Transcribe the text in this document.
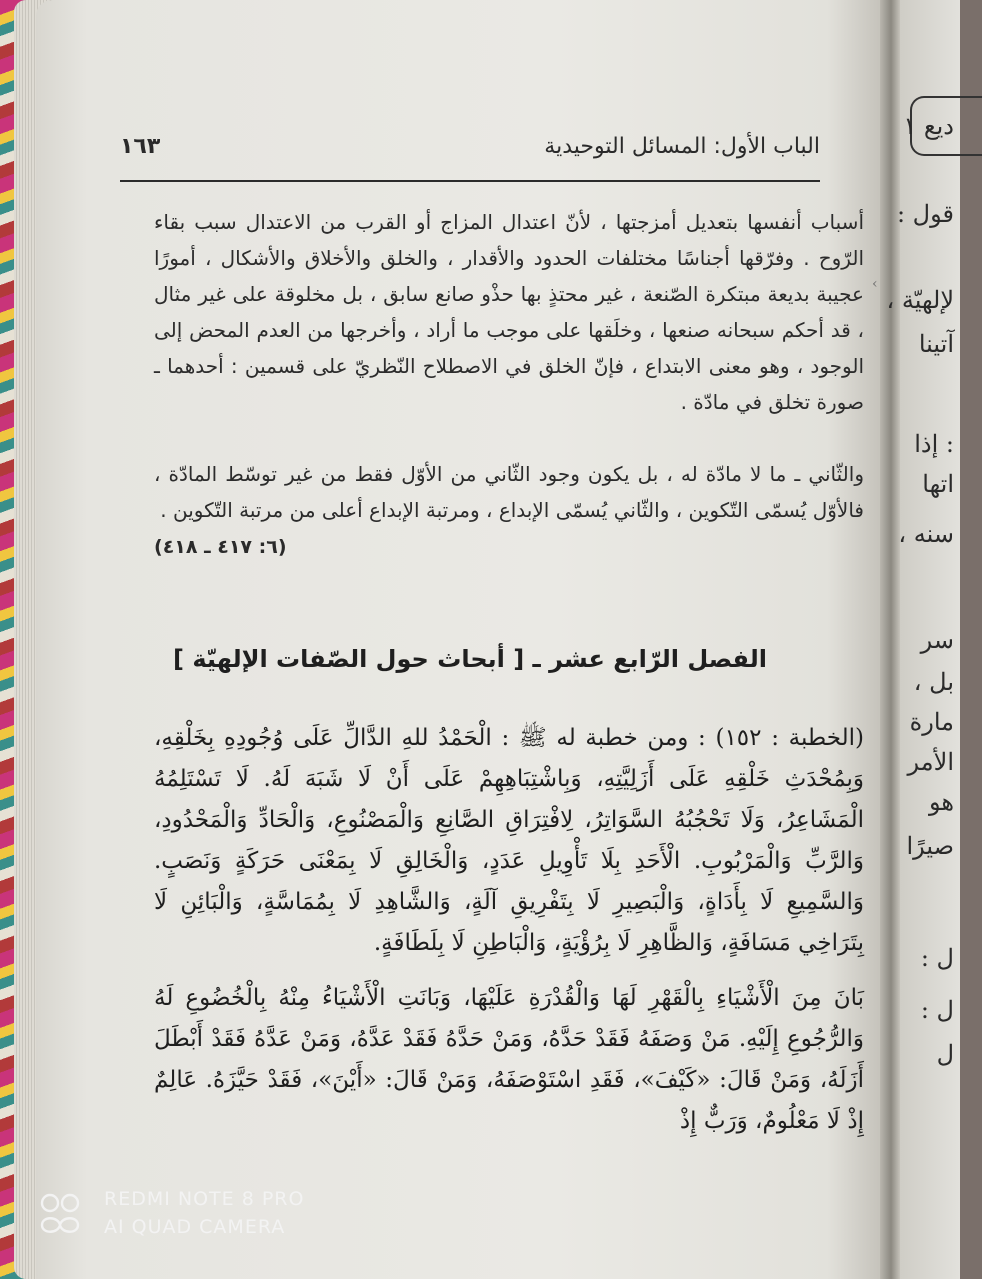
الباب الأول: المسائل التوحيدية
١٦٣

أسباب أنفسها بتعديل أمزجتها ، لأنّ اعتدال المزاج أو القرب من الاعتدال سبب بقاء الرّوح . وفرّقها أجناسًا مختلفات الحدود والأقدار ، والخلق والأخلاق والأشكال ، أمورًا عجيبة بديعة مبتكرة الصّنعة ، غير محتذٍ بها حذْو صانع سابق ، بل مخلوقة على غير مثال ، قد أحكم سبحانه صنعها ، وخلَقها على موجب ما أراد ، وأخرجها من العدم المحض إلى الوجود ، وهو معنى الابتداع ، فإنّ الخلق في الاصطلاح النّظريّ على قسمين : أحدهما ـ صورة تخلق في مادّة .

والثّاني ـ ما لا مادّة له ، بل يكون وجود الثّاني من الأوّل فقط من غير توسّط المادّة ، فالأوّل يُسمّى التّكوين ، والثّاني يُسمّى الإبداع ، ومرتبة الإبداع أعلى من مرتبة التّكوين .

(٦: ٤١٧ ـ ٤١٨)
الفصل الرّابع عشر ـ [ أبحاث حول الصّفات الإلهيّة ]

(الخطبة : ١٥٢) : ومن خطبة له ﷺ : الْحَمْدُ للهِ الدَّالِّ عَلَى وُجُودِهِ بِخَلْقِهِ، وَبِمُحْدَثِ خَلْقِهِ عَلَى أَزَلِيَّتِهِ، وَبِاشْتِبَاهِهِمْ عَلَى أَنْ لَا شَبَهَ لَهُ. لَا تَسْتَلِمُهُ الْمَشَاعِرُ، وَلَا تَحْجُبُهُ السَّوَاتِرُ، لِافْتِرَاقِ الصَّانِعِ وَالْمَصْنُوعِ، وَالْحَادِّ وَالْمَحْدُودِ، وَالرَّبِّ وَالْمَرْبُوبِ. الْأَحَدِ بِلَا تَأْوِيلِ عَدَدٍ، وَالْخَالِقِ لَا بِمَعْنَى حَرَكَةٍ وَنَصَبٍ. وَالسَّمِيعِ لَا بِأَدَاةٍ، وَالْبَصِيرِ لَا بِتَفْرِيقِ آلَةٍ، وَالشَّاهِدِ لَا بِمُمَاسَّةٍ، وَالْبَائِنِ لَا بِتَرَاخِي مَسَافَةٍ، وَالظَّاهِرِ لَا بِرُؤْيَةٍ، وَالْبَاطِنِ لَا بِلَطَافَةٍ.

بَانَ مِنَ الْأَشْيَاءِ بِالْقَهْرِ لَهَا وَالْقُدْرَةِ عَلَيْهَا، وَبَانَتِ الْأَشْيَاءُ مِنْهُ بِالْخُضُوعِ لَهُ وَالرُّجُوعِ إِلَيْهِ. مَنْ وَصَفَهُ فَقَدْ حَدَّهُ، وَمَنْ حَدَّهُ فَقَدْ عَدَّهُ، وَمَنْ عَدَّهُ فَقَدْ أَبْطَلَ أَزَلَهُ، وَمَنْ قَالَ: «كَيْفَ»، فَقَدِ اسْتَوْصَفَهُ، وَمَنْ قَالَ: «أَيْنَ»، فَقَدْ حَيَّزَهُ. عَالِمٌ إِذْ لَا مَعْلُومٌ، وَرَبٌّ إِذْ

‹
ديع ١
قول :
لإلهيّة ،
آتينا
: إذا
اتها
سنه ،
سر
بل ،
مارة
الأمر
هو
صيرًا
ل :
ل :
ل
REDMI NOTE 8 PRO
AI QUAD CAMERA
